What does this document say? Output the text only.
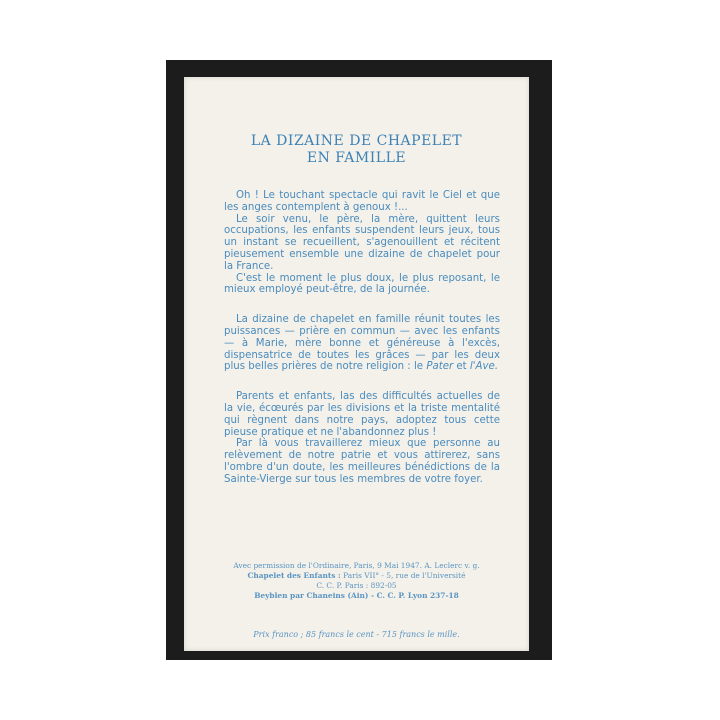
LA DIZAINE DE CHAPELET
EN FAMILLE

Oh ! Le touchant spectacle qui ravit le Ciel et que les anges contemplent à genoux !...

Le soir venu, le père, la mère, quittent leurs occupations, les enfants suspendent leurs jeux, tous un instant se recueillent, s'agenouillent et récitent pieusement ensemble une dizaine de chapelet pour la France.

C'est le moment le plus doux, le plus reposant, le mieux employé peut-être, de la journée.

La dizaine de chapelet en famille réunit toutes les puissances — prière en commun — avec les enfants — à Marie, mère bonne et généreuse à l'excès, dispensatrice de toutes les grâces — par les deux plus belles prières de notre religion : le Pater et l'Ave.

Parents et enfants, las des difficultés actuelles de la vie, écœurés par les divisions et la triste mentalité qui règnent dans notre pays, adoptez tous cette pieuse pratique et ne l'abandonnez plus !

Par là vous travaillerez mieux que personne au relèvement de notre patrie et vous attirerez, sans l'ombre d'un doute, les meilleures bénédictions de la Sainte-Vierge sur tous les membres de votre foyer.

Avec permission de l'Ordinaire, Paris, 9 Mai 1947. A. Leclerc v. g.
Chapelet des Enfants : Paris VII° - 5, rue de l'Université
C. C. P. Paris : 892-05
Beyblen par Chaneins (Ain) - C. C. P. Lyon 237-18
Prix franco ; 85 francs le cent - 715 francs le mille.
